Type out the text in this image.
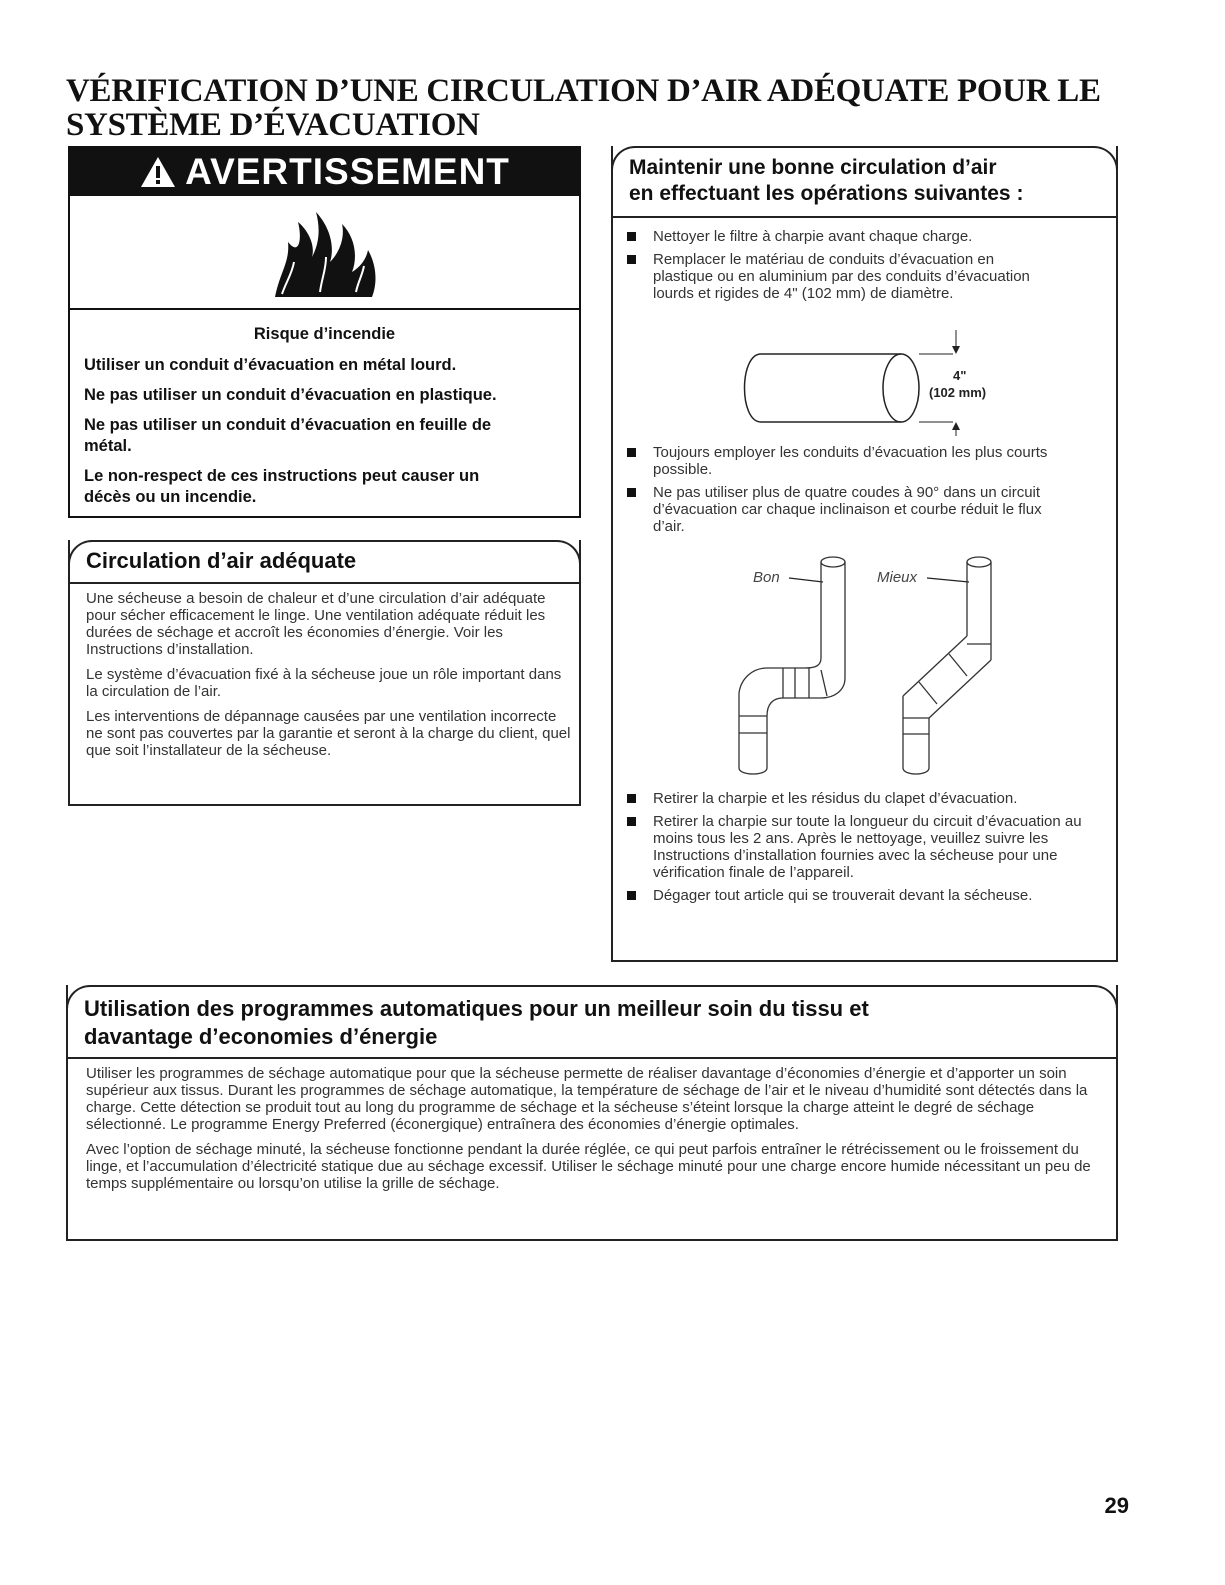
VÉRIFICATION D’UNE CIRCULATION D’AIR ADÉQUATE POUR LE SYSTÈME D’ÉVACUATION
AVERTISSEMENT
Risque d’incendie

Utiliser un conduit d’évacuation en métal lourd.

Ne pas utiliser un conduit d’évacuation en plastique.

Ne pas utiliser un conduit d’évacuation en feuille de métal.

Le non-respect de ces instructions peut causer un décès ou un incendie.

Circulation d’air adéquate

Une sécheuse a besoin de chaleur et d’une circulation d’air adéquate pour sécher efficacement le linge. Une ventilation adéquate réduit les durées de séchage et accroît les économies d’énergie. Voir les Instructions d’installation.

Le système d’évacuation fixé à la sécheuse joue un rôle important dans la circulation de l’air.

Les interventions de dépannage causées par une ventilation incorrecte ne sont pas couvertes par la garantie et seront à la charge du client, quel que soit l’installateur de la sécheuse.

Maintenir une bonne circulation d’air
en effectuant les opérations suivantes :
Nettoyer le filtre à charpie avant chaque charge.
Remplacer le matériau de conduits d’évacuation en plastique ou en aluminium par des conduits d’évacuation lourds et rigides de 4" (102 mm) de diamètre.
4"
(102 mm)
Toujours employer les conduits d’évacuation les plus courts possible.
Ne pas utiliser plus de quatre coudes à 90° dans un circuit d’évacuation car chaque inclinaison et courbe réduit le flux d’air.
Bon	Mieux
Retirer la charpie et les résidus du clapet d’évacuation.
Retirer la charpie sur toute la longueur du circuit d’évacuation au moins tous les 2 ans. Après le nettoyage, veuillez suivre les Instructions d’installation fournies avec la sécheuse pour une vérification finale de l’appareil.
Dégager tout article qui se trouverait devant la sécheuse.
Utilisation des programmes automatiques pour un meilleur soin du tissu et
davantage d’economies d’énergie

Utiliser les programmes de séchage automatique pour que la sécheuse permette de réaliser davantage d’économies d’énergie et d’apporter un soin supérieur aux tissus. Durant les programmes de séchage automatique, la température de séchage de l’air et le niveau d’humidité sont détectés dans la charge. Cette détection se produit tout au long du programme de séchage et la sécheuse s’éteint lorsque la charge atteint le degré de séchage sélectionné. Le programme Energy Preferred (éconergique) entraînera des économies d’énergie optimales.

Avec l’option de séchage minuté, la sécheuse fonctionne pendant la durée réglée, ce qui peut parfois entraîner le rétrécissement ou le froissement du linge, et l’accumulation d’électricité statique due au séchage excessif. Utiliser le séchage minuté pour une charge encore humide nécessitant un peu de temps supplémentaire ou lorsqu’on utilise la grille de séchage.

29
